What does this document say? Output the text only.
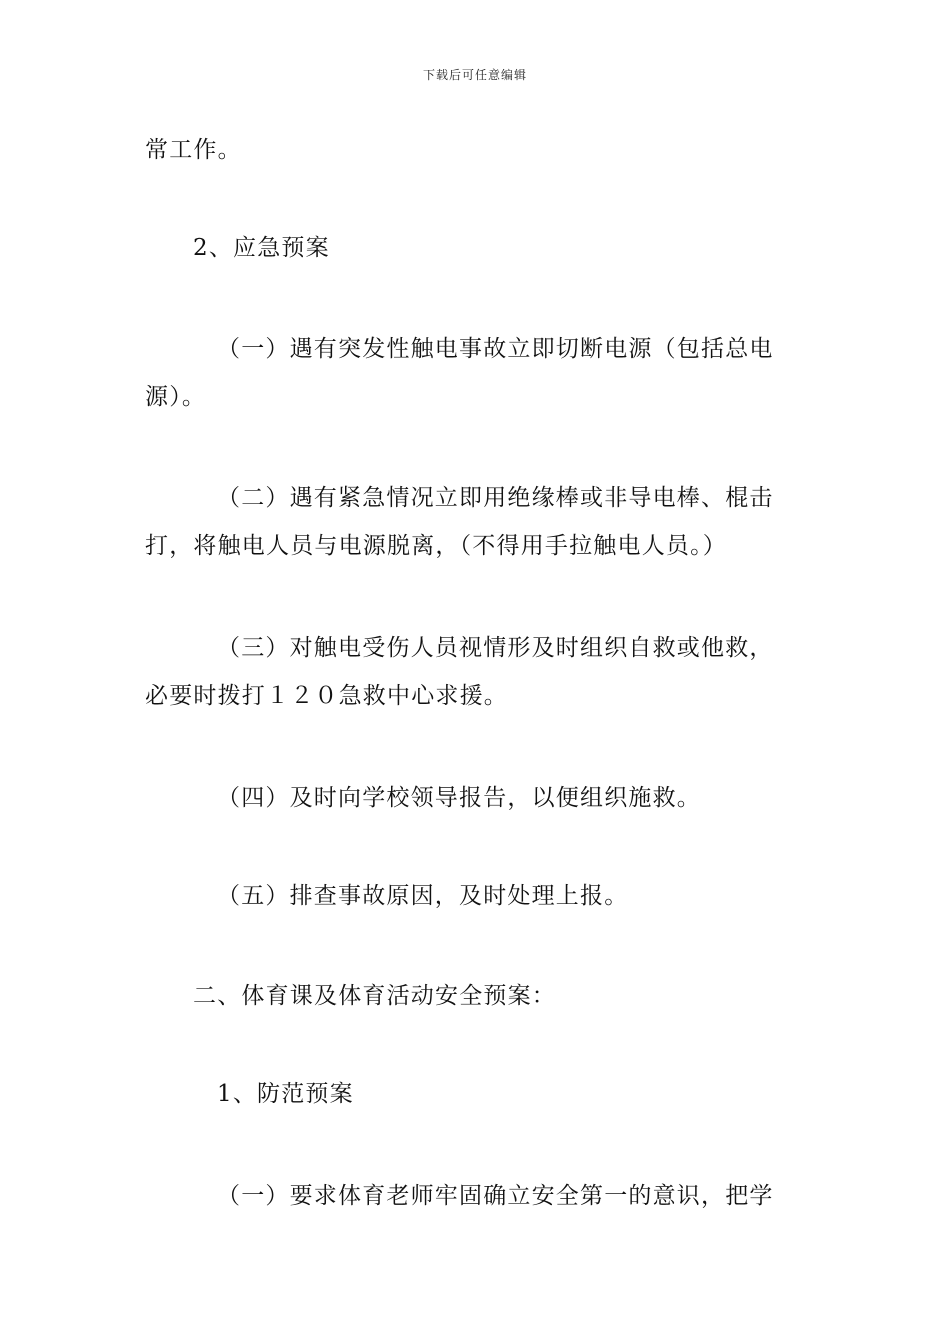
下载后可任意编辑

常工作。

2、应急预案

（一）遇有突发性触电事故立即切断电源（包括总电
源）。

（二）遇有紧急情况立即用绝缘棒或非导电棒、棍击
打，将触电人员与电源脱离，（不得用手拉触电人员。）

（三）对触电受伤人员视情形及时组织自救或他救，
必要时拨打１２０急救中心求援。

（四）及时向学校领导报告，以便组织施救。

（五）排查事故原因，及时处理上报。

二、体育课及体育活动安全预案：

1、防范预案

（一）要求体育老师牢固确立安全第一的意识，把学
